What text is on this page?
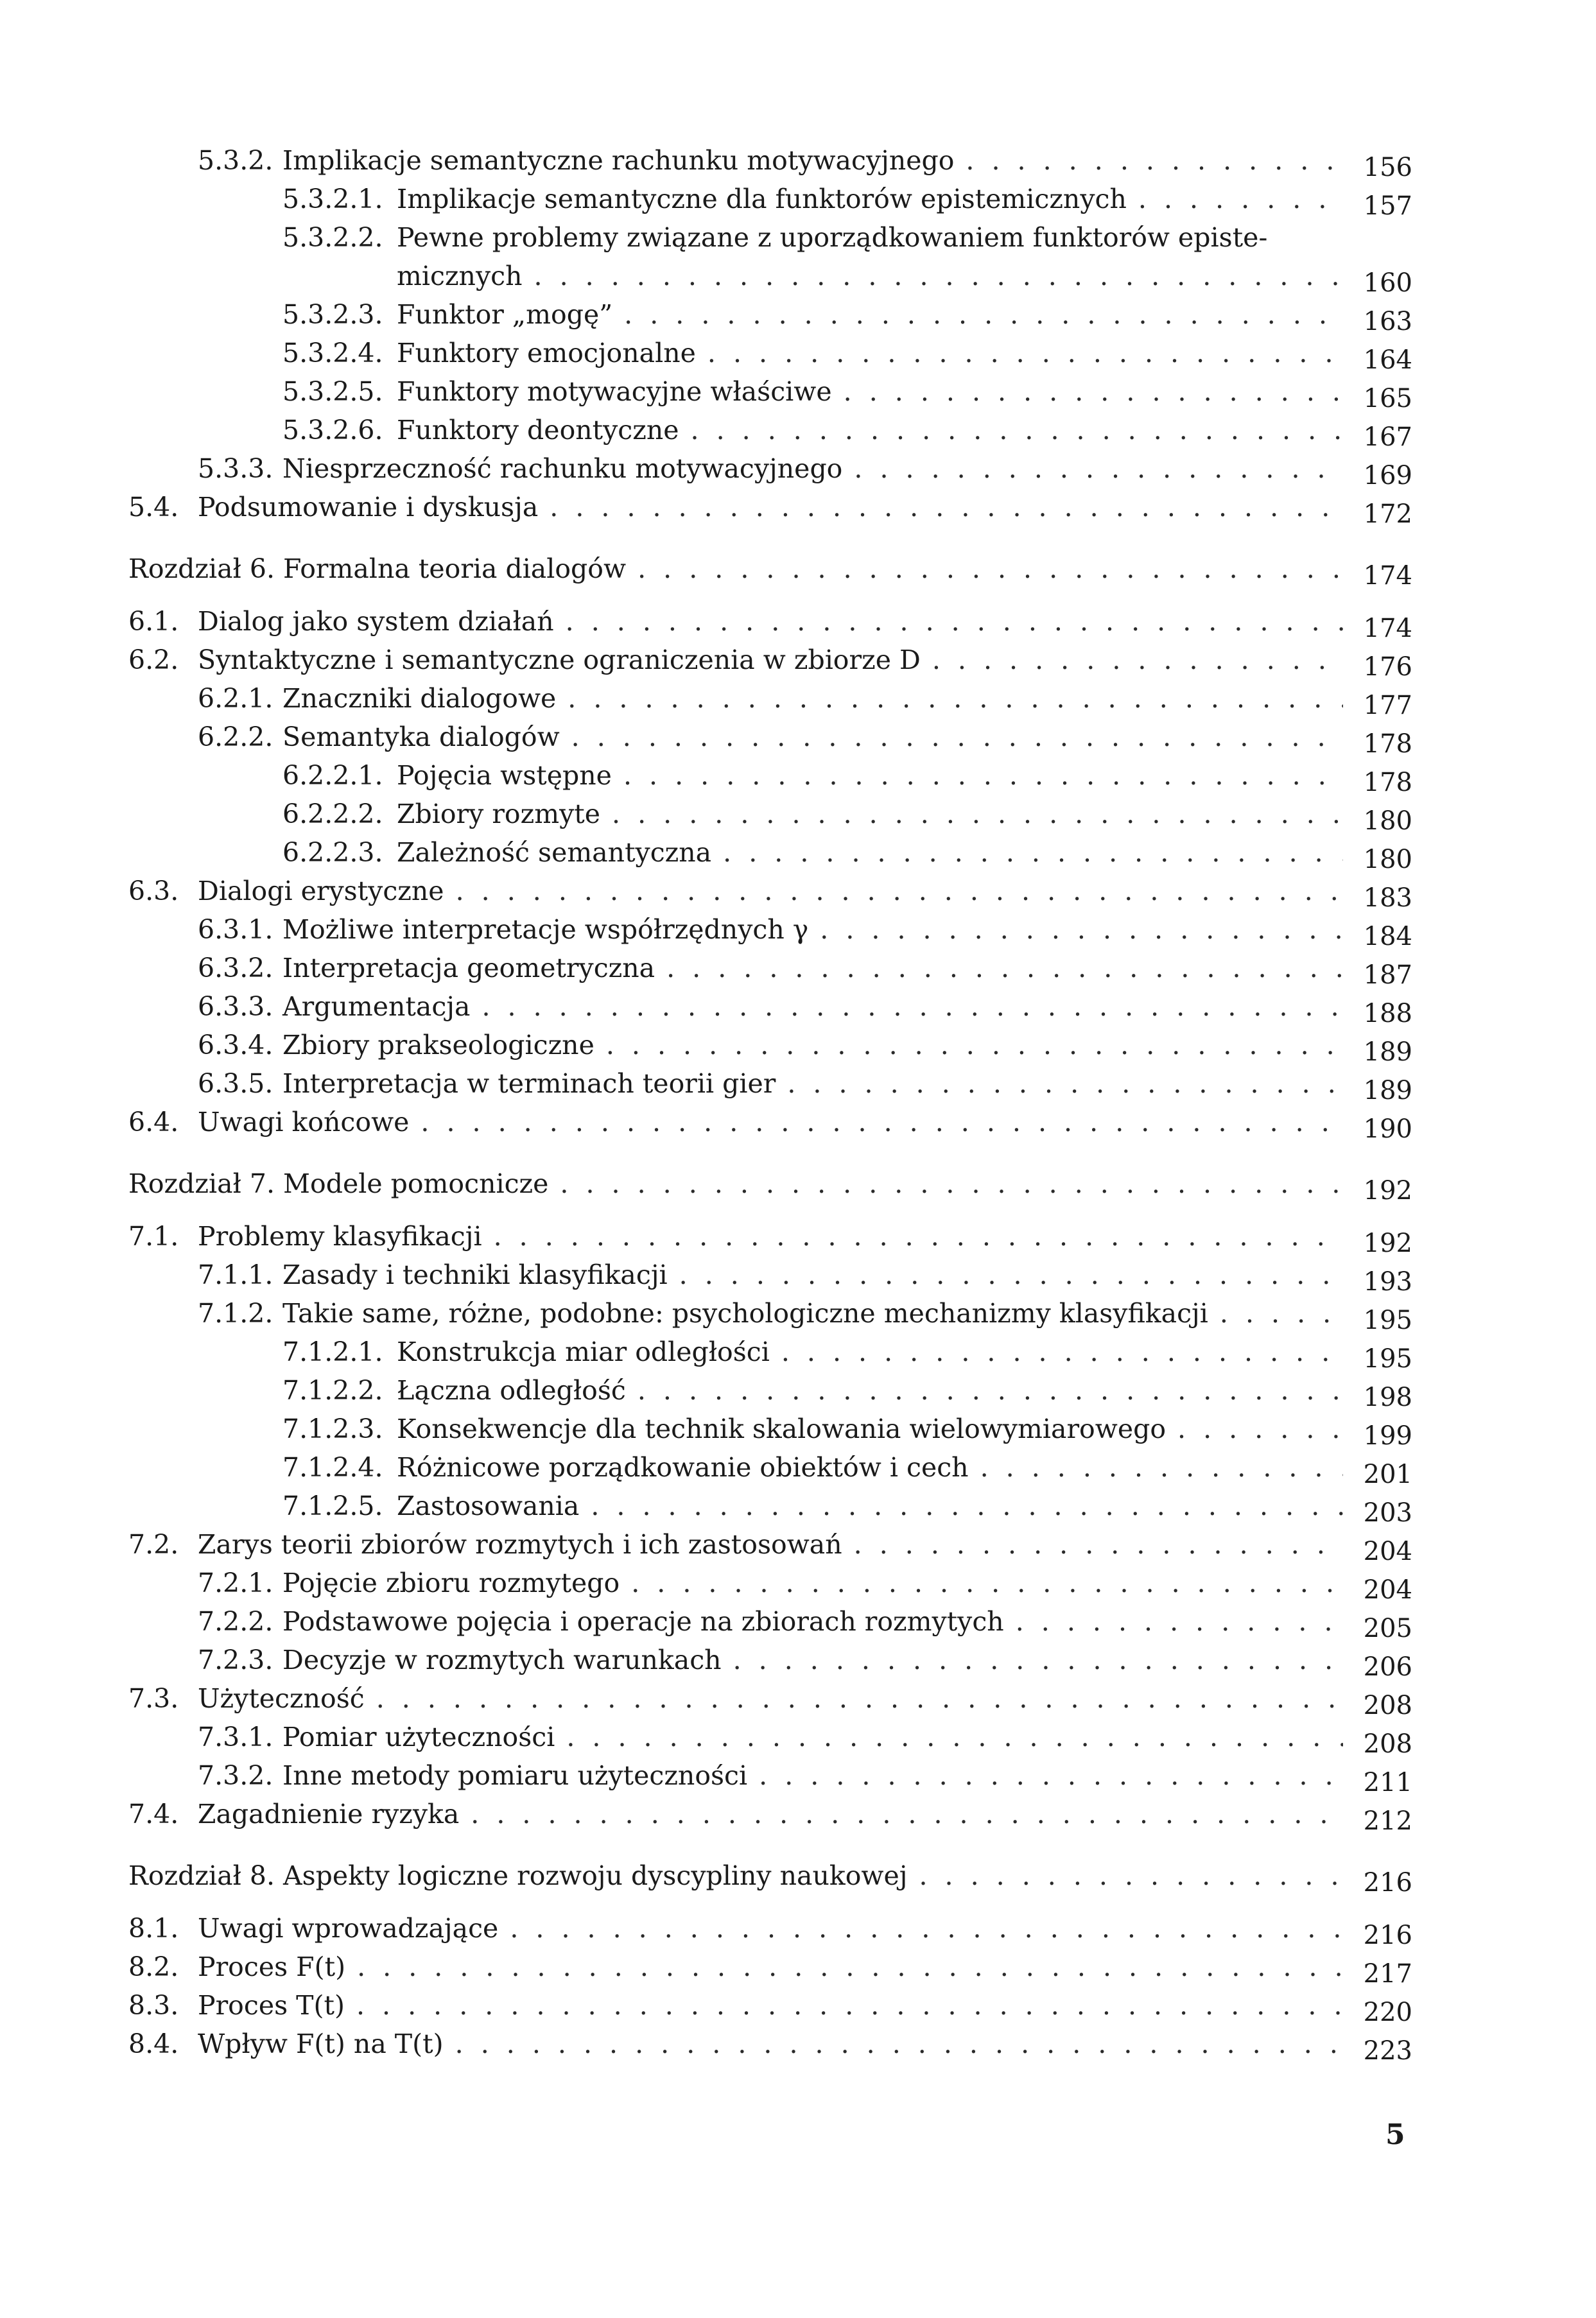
5.3.2. Implikacje semantyczne rachunku motywacyjnego . . .	156
5.3.2.1. Implikacje semantyczne dla funktorów epistemicznych . . .	157
5.3.2.2. Pewne problemy związane z uporządkowaniem funktorów episte-
micznych . . .	160
5.3.2.3. Funktor „mogę” . . .	163
5.3.2.4. Funktory emocjonalne . . .	164
5.3.2.5. Funktory motywacyjne właściwe . . .	165
5.3.2.6. Funktory deontyczne . . .	167
5.3.3. Niesprzeczność rachunku motywacyjnego . . .	169
5.4. Podsumowanie i dyskusja . . .	172
Rozdział 6. Formalna teoria dialogów . . .	174
6.1. Dialog jako system działań . . .	174
6.2. Syntaktyczne i semantyczne ograniczenia w zbiorze D . . .	176
6.2.1. Znaczniki dialogowe . . .	177
6.2.2. Semantyka dialogów . . .	178
6.2.2.1. Pojęcia wstępne . . .	178
6.2.2.2. Zbiory rozmyte . . .	180
6.2.2.3. Zależność semantyczna . . .	180
6.3. Dialogi erystyczne . . .	183
6.3.1. Możliwe interpretacje współrzędnych γ . . .	184
6.3.2. Interpretacja geometryczna . . .	187
6.3.3. Argumentacja . . .	188
6.3.4. Zbiory prakseologiczne . . .	189
6.3.5. Interpretacja w terminach teorii gier . . .	189
6.4. Uwagi końcowe . . .	190
Rozdział 7. Modele pomocnicze . . .	192
7.1. Problemy klasyfikacji . . .	192
7.1.1. Zasady i techniki klasyfikacji . . .	193
7.1.2. Takie same, różne, podobne: psychologiczne mechanizmy klasyfikacji . . .	195
7.1.2.1. Konstrukcja miar odległości . . .	195
7.1.2.2. Łączna odległość . . .	198
7.1.2.3. Konsekwencje dla technik skalowania wielowymiarowego . . .	199
7.1.2.4. Różnicowe porządkowanie obiektów i cech . . .	201
7.1.2.5. Zastosowania . . .	203
7.2. Zarys teorii zbiorów rozmytych i ich zastosowań . . .	204
7.2.1. Pojęcie zbioru rozmytego . . .	204
7.2.2. Podstawowe pojęcia i operacje na zbiorach rozmytych . . .	205
7.2.3. Decyzje w rozmytych warunkach . . .	206
7.3. Użyteczność . . .	208
7.3.1. Pomiar użyteczności . . .	208
7.3.2. Inne metody pomiaru użyteczności . . .	211
7.4. Zagadnienie ryzyka . . .	212
Rozdział 8. Aspekty logiczne rozwoju dyscypliny naukowej . . .	216
8.1. Uwagi wprowadzające . . .	216
8.2. Proces F(t) . . .	217
8.3. Proces T(t) . . .	220
8.4. Wpływ F(t) na T(t) . . .	223
5
